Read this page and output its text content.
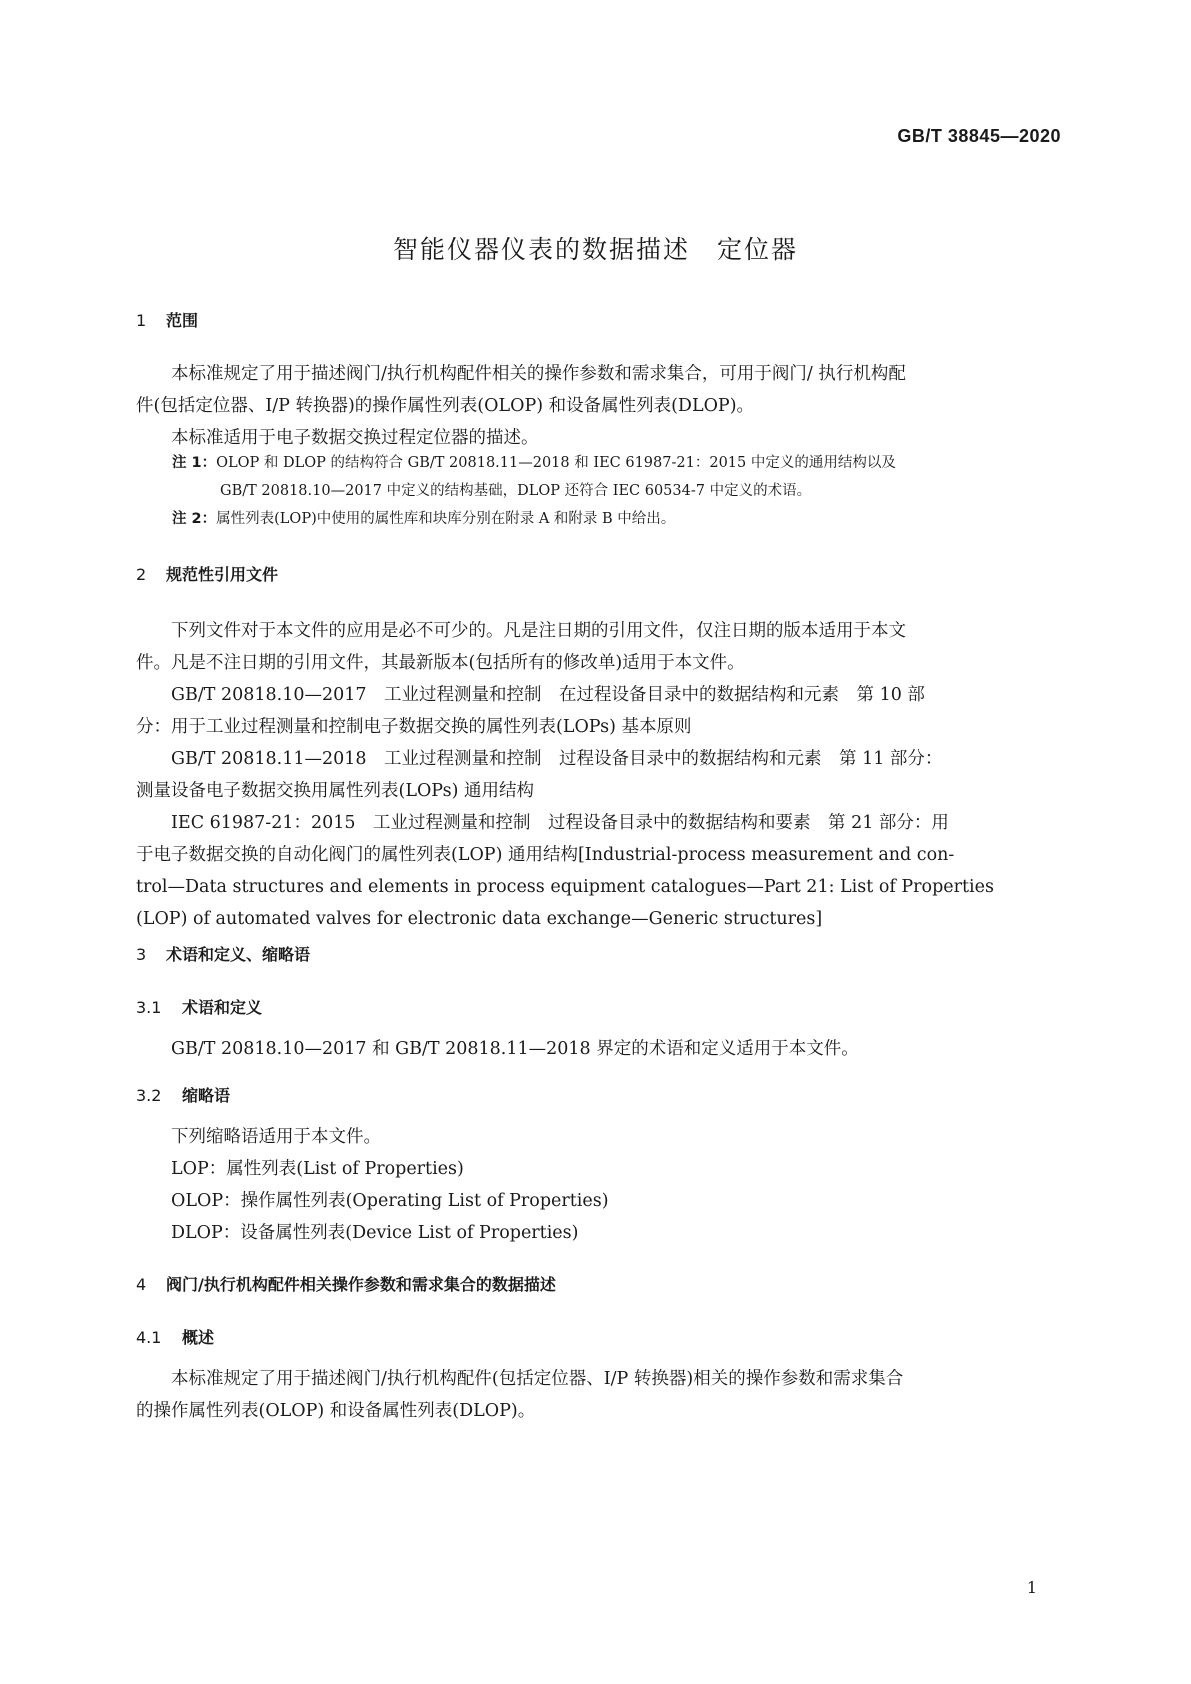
GB/T 38845—2020
智能仪器仪表的数据描述　定位器
1 范围

本标准规定了用于描述阀门/执行机构配件相关的操作参数和需求集合，可用于阀门/ 执行机构配

件(包括定位器、I/P 转换器)的操作属性列表(OLOP) 和设备属性列表(DLOP)。

本标准适用于电子数据交换过程定位器的描述。

注 1：OLOP 和 DLOP 的结构符合 GB/T 20818.11—2018 和 IEC 61987-21：2015 中定义的通用结构以及
GB/T 20818.10—2017 中定义的结构基础，DLOP 还符合 IEC 60534-7 中定义的术语。
注 2：属性列表(LOP)中使用的属性库和块库分别在附录 A 和附录 B 中给出。
2 规范性引用文件

下列文件对于本文件的应用是必不可少的。凡是注日期的引用文件，仅注日期的版本适用于本文

件。凡是不注日期的引用文件，其最新版本(包括所有的修改单)适用于本文件。

GB/T 20818.10—2017　工业过程测量和控制　在过程设备目录中的数据结构和元素　第 10 部

分：用于工业过程测量和控制电子数据交换的属性列表(LOPs) 基本原则

GB/T 20818.11—2018　工业过程测量和控制　过程设备目录中的数据结构和元素　第 11 部分：

测量设备电子数据交换用属性列表(LOPs) 通用结构

IEC 61987-21：2015　工业过程测量和控制　过程设备目录中的数据结构和要素　第 21 部分：用

于电子数据交换的自动化阀门的属性列表(LOP) 通用结构[Industrial-process measurement and con-
trol—Data structures and elements in process equipment catalogues—Part 21: List of Properties
(LOP) of automated valves for electronic data exchange—Generic structures]
3 术语和定义、缩略语
3.1 术语和定义

GB/T 20818.10—2017 和 GB/T 20818.11—2018 界定的术语和定义适用于本文件。

3.2 缩略语

下列缩略语适用于本文件。

LOP：属性列表(List of Properties)

OLOP：操作属性列表(Operating List of Properties)

DLOP：设备属性列表(Device List of Properties)

4 阀门/执行机构配件相关操作参数和需求集合的数据描述
4.1 概述

本标准规定了用于描述阀门/执行机构配件(包括定位器、I/P 转换器)相关的操作参数和需求集合

的操作属性列表(OLOP) 和设备属性列表(DLOP)。
1
